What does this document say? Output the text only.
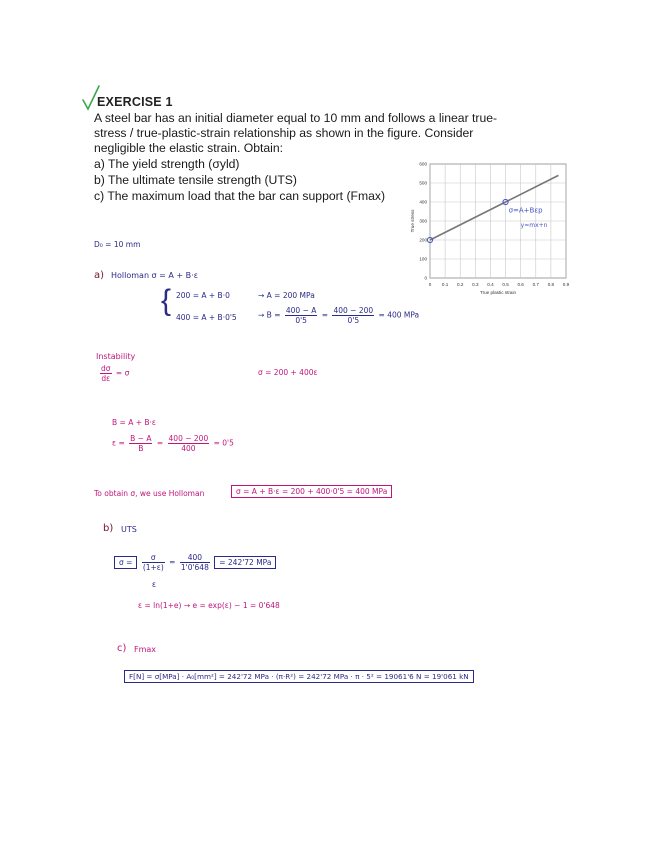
EXERCISE 1
A steel bar has an initial diameter equal to 10 mm and follows a linear true-
stress / true-plastic-strain relationship as shown in the figure. Consider
negligible the elastic strain. Obtain:
a) The yield strength (σyld)
b) The ultimate tensile strength (UTS)
c) The maximum load that the bar can support (Fmax)
0 0.1 0.2 0.3 0.4 0.5 0.6 0.7 0.8 0.9
0
100
200
300
400
500
600
True plastic strain
True stress	σ=A+Bεp
y=mx+n
D₀ = 10 mm
a) Holloman σ = A + B·ε
{ 200 = A + B·0	→ A = 200 MPa
400 = A + B·0'5	→ $B = \frac{400 - A}{0'5} = \frac{400 - 200}{0'5} = 400$ MPa
Instability
$\frac{d\sigma}{d\varepsilon} = \sigma$	σ = 200 + 400ε
B = A + B·ε
$\varepsilon = \frac{B - A}{B} = \frac{400 - 200}{400} = 0'5$
To obtain σ, we use Holloman	σ = A + B·ε = 200 + 400·0'5 = 400 MPa
b) UTS
$\sigma = \frac{\sigma}{(1+\varepsilon)} = \frac{400}{1'0'648} = 242'72$ MPa
ε
ε = ln(1+e) → e = exp(ε) − 1 = 0'648
c) Fmax
F[N] = σ[MPa] · A₀[mm²] = 242'72 MPa · (π·R²) = 242'72 MPa · π · 5² = 19061'6 N = 19'061 kN
